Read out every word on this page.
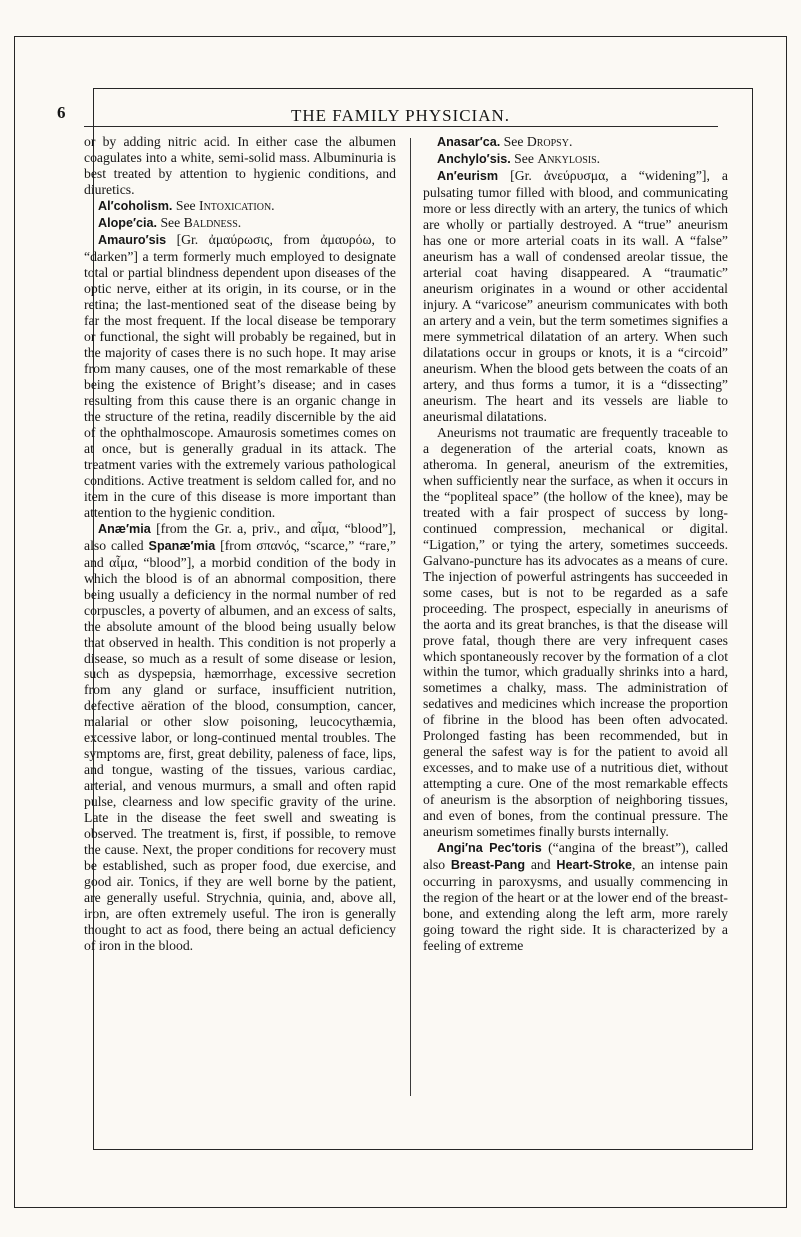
6	THE FAMILY PHYSICIAN.

or by adding nitric acid. In either case the albumen coagulates into a white, semi-solid mass. Albuminuria is best treated by attention to hygienic conditions, and diuretics.

Al′coholism. See Intoxication.

Alope′cia. See Baldness.

Amauro′sis [Gr. ἀμαύρωσις, from ἀμαυρόω, to “darken”] a term formerly much employed to designate total or partial blindness dependent upon diseases of the optic nerve, either at its origin, in its course, or in the retina; the last-mentioned seat of the disease being by far the most frequent. If the local disease be temporary or functional, the sight will probably be regained, but in the majority of cases there is no such hope. It may arise from many causes, one of the most remarkable of these being the existence of Bright’s disease; and in cases resulting from this cause there is an organic change in the structure of the retina, readily discernible by the aid of the ophthalmoscope. Amaurosis sometimes comes on at once, but is generally gradual in its attack. The treatment varies with the extremely various pathological conditions. Active treatment is seldom called for, and no item in the cure of this disease is more important than attention to the hygienic condition.

Anæ′mia [from the Gr. a, priv., and αἷμα, “blood”], also called Spanæ′mia [from σπανός, “scarce,” “rare,” and αἷμα, “blood”], a morbid condition of the body in which the blood is of an abnormal composition, there being usually a deficiency in the normal number of red corpuscles, a poverty of albumen, and an excess of salts, the absolute amount of the blood being usually below that observed in health. This condition is not properly a disease, so much as a result of some disease or lesion, such as dyspepsia, hæmorrhage, excessive secretion from any gland or surface, insufficient nutrition, defective aëration of the blood, consumption, cancer, malarial or other slow poisoning, leucocythæmia, excessive labor, or long-continued mental troubles. The symptoms are, first, great debility, paleness of face, lips, and tongue, wasting of the tissues, various cardiac, arterial, and venous murmurs, a small and often rapid pulse, clearness and low specific gravity of the urine. Late in the disease the feet swell and sweating is observed. The treatment is, first, if possible, to remove the cause. Next, the proper conditions for recovery must be established, such as proper food, due exercise, and good air. Tonics, if they are well borne by the patient, are generally useful. Strychnia, quinia, and, above all, iron, are often extremely useful. The iron is generally thought to act as food, there being an actual deficiency of iron in the blood.

Anasar′ca. See Dropsy.

Anchylo′sis. See Ankylosis.

An′eurism [Gr. ἀνεύρυσμα, a “widening”], a pulsating tumor filled with blood, and communicating more or less directly with an artery, the tunics of which are wholly or partially destroyed. A “true” aneurism has one or more arterial coats in its wall. A “false” aneurism has a wall of condensed areolar tissue, the arterial coat having disappeared. A “traumatic” aneurism originates in a wound or other accidental injury. A “varicose” aneurism communicates with both an artery and a vein, but the term sometimes signifies a mere symmetrical dilatation of an artery. When such dilatations occur in groups or knots, it is a “circoid” aneurism. When the blood gets between the coats of an artery, and thus forms a tumor, it is a “dissecting” aneurism. The heart and its vessels are liable to aneurismal dilatations.

Aneurisms not traumatic are frequently traceable to a degeneration of the arterial coats, known as atheroma. In general, aneurism of the extremities, when sufficiently near the surface, as when it occurs in the “popliteal space” (the hollow of the knee), may be treated with a fair prospect of success by long-continued compression, mechanical or digital. “Ligation,” or tying the artery, sometimes succeeds. Galvano-puncture has its advocates as a means of cure. The injection of powerful astringents has succeeded in some cases, but is not to be regarded as a safe proceeding. The prospect, especially in aneurisms of the aorta and its great branches, is that the disease will prove fatal, though there are very infrequent cases which spontaneously recover by the formation of a clot within the tumor, which gradually shrinks into a hard, sometimes a chalky, mass. The administration of sedatives and medicines which increase the proportion of fibrine in the blood has been often advocated. Prolonged fasting has been recommended, but in general the safest way is for the patient to avoid all excesses, and to make use of a nutritious diet, without attempting a cure. One of the most remarkable effects of aneurism is the absorption of neighboring tissues, and even of bones, from the continual pressure. The aneurism sometimes finally bursts internally.

Angi′na Pec′toris (“angina of the breast”), called also Breast-Pang and Heart-Stroke, an intense pain occurring in paroxysms, and usually commencing in the region of the heart or at the lower end of the breast-bone, and extending along the left arm, more rarely going toward the right side. It is characterized by a feeling of extreme
